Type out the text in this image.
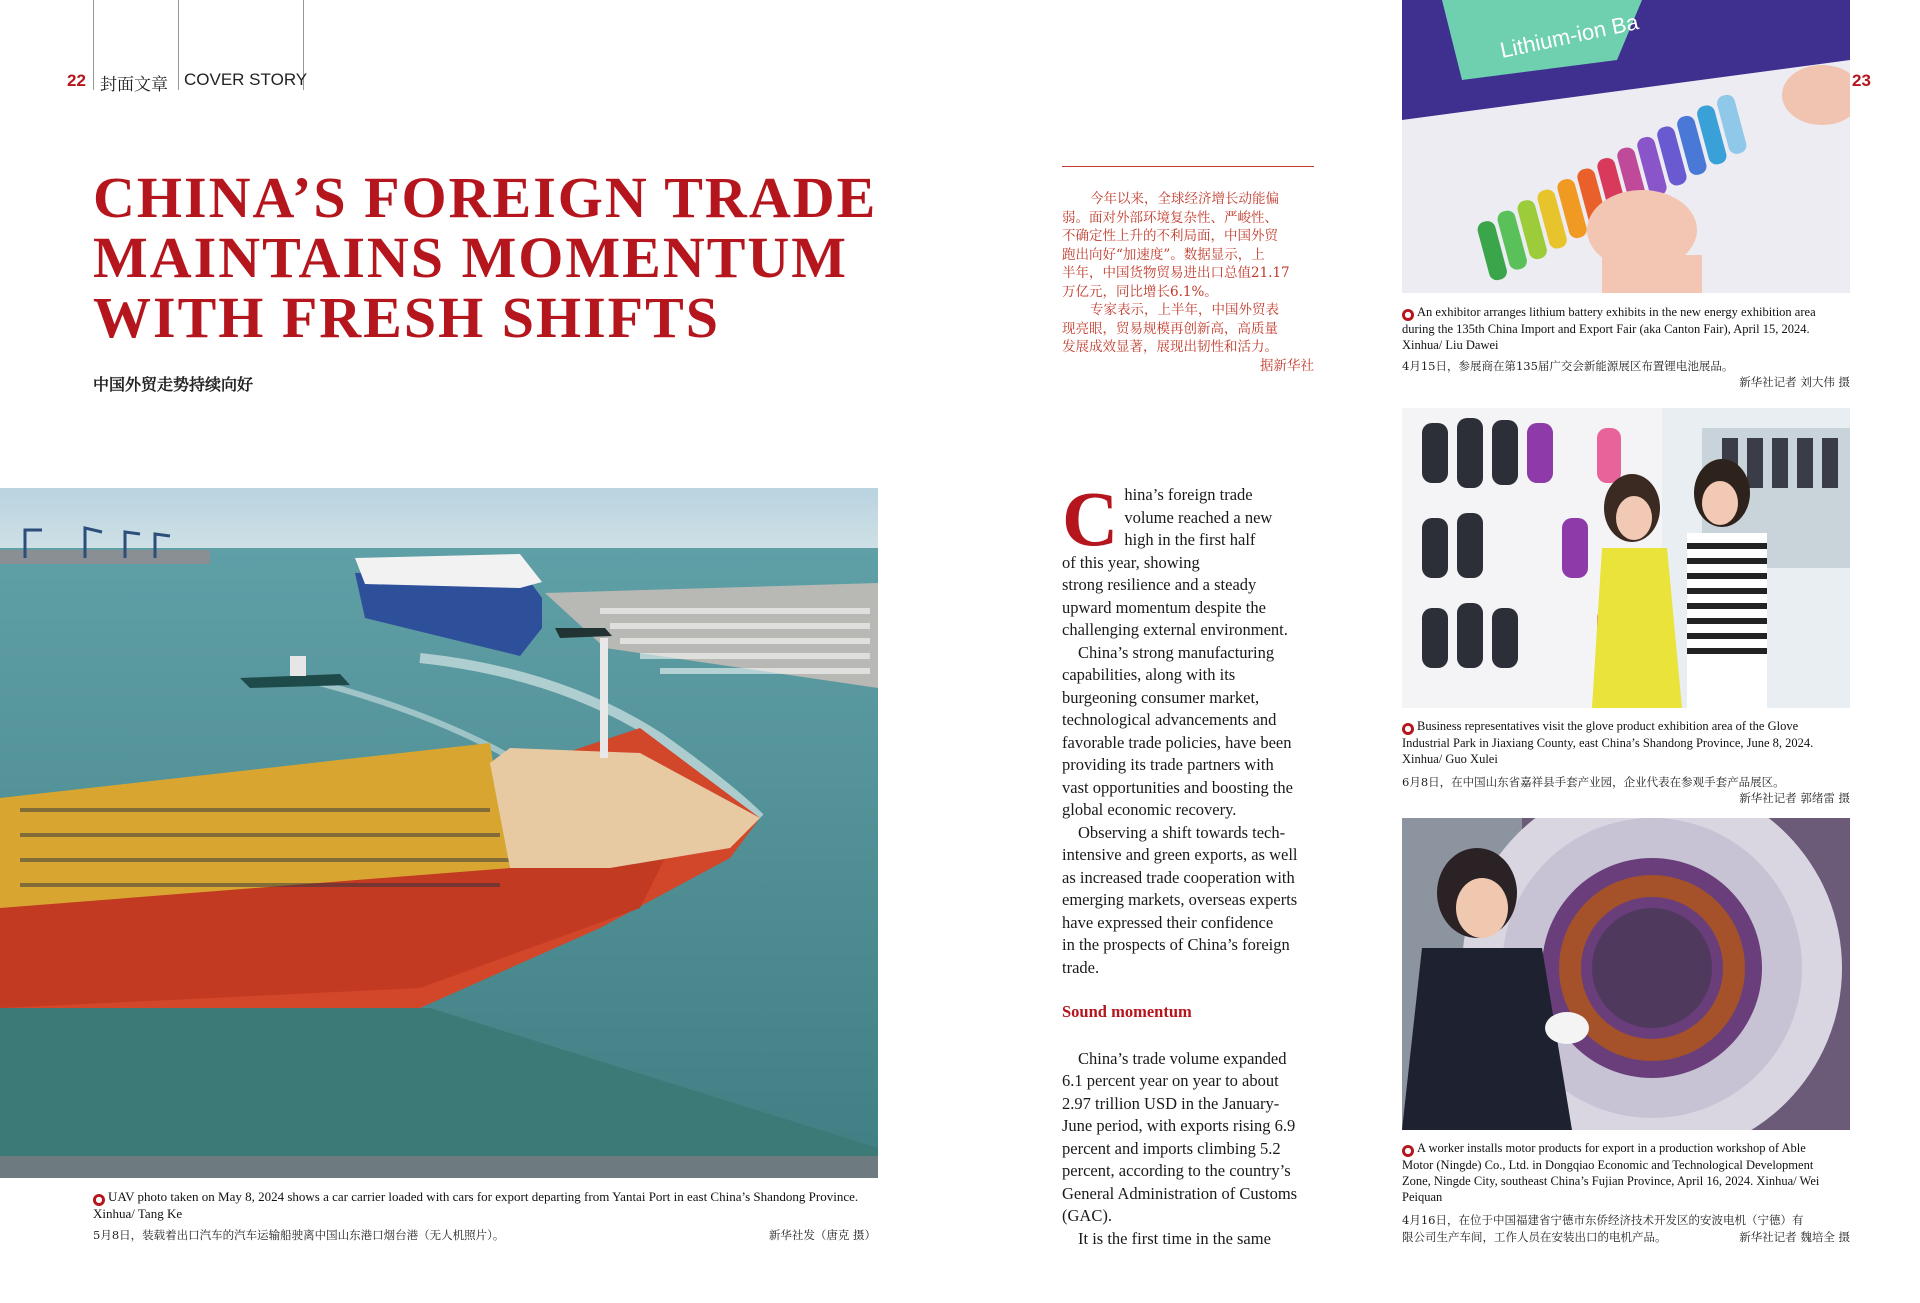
22 封面文章 COVER STORY
CHINA’S FOREIGN TRADE
MAINTAINS MOMENTUM
WITH FRESH SHIFTS
中国外贸走势持续向好
今年以来，全球经济增长动能偏
弱。面对外部环境复杂性、严峻性、
不确定性上升的不利局面，中国外贸
跑出向好“加速度”。数据显示，上
半年，中国货物贸易进出口总值21.17
万亿元，同比增长6.1%。
专家表示，上半年，中国外贸表
现亮眼，贸易规模再创新高，高质量
发展成效显著，展现出韧性和活力。
据新华社
● UAV photo taken on May 8, 2024 shows a car carrier loaded with cars for export departing from Yantai Port in east China’s Shandong Province.
Xinhua/ Tang Ke
5月8日，装载着出口汽车的汽车运输船驶离中国山东港口烟台港（无人机照片）。	新华社发（唐克 摄）
C hina’s foreign trade
volume reached a new
high in the first half
of this year, showing
strong resilience and a steady
upward momentum despite the
challenging external environment.
China’s strong manufacturing
capabilities, along with its
burgeoning consumer market,
technological advancements and
favorable trade policies, have been
providing its trade partners with
vast opportunities and boosting the
global economic recovery.
Observing a shift towards tech-
intensive and green exports, as well
as increased trade cooperation with
emerging markets, overseas experts
have expressed their confidence
in the prospects of China’s foreign
trade.
Sound momentum
China’s trade volume expanded
6.1 percent year on year to about
2.97 trillion USD in the January-
June period, with exports rising 6.9
percent and imports climbing 5.2
percent, according to the country’s
General Administration of Customs
(GAC).
It is the first time in the same
23
Lithium-ion Ba
● An exhibitor arranges lithium battery exhibits in the new energy exhibition area
during the 135th China Import and Export Fair (aka Canton Fair), April 15, 2024.
Xinhua/ Liu Dawei
4月15日，参展商在第135届广交会新能源展区布置锂电池展品。
新华社记者 刘大伟 摄
● Business representatives visit the glove product exhibition area of the Glove
Industrial Park in Jiaxiang County, east China’s Shandong Province, June 8, 2024.
Xinhua/ Guo Xulei
6月8日，在中国山东省嘉祥县手套产业园，企业代表在参观手套产品展区。
新华社记者 郭绪雷 摄
● A worker installs motor products for export in a production workshop of Able
Motor (Ningde) Co., Ltd. in Dongqiao Economic and Technological Development
Zone, Ningde City, southeast China’s Fujian Province, April 16, 2024. Xinhua/ Wei
Peiquan
4月16日，在位于中国福建省宁德市东侨经济技术开发区的安波电机（宁德）有
限公司生产车间，工作人员在安装出口的电机产品。	新华社记者 魏培全 摄
